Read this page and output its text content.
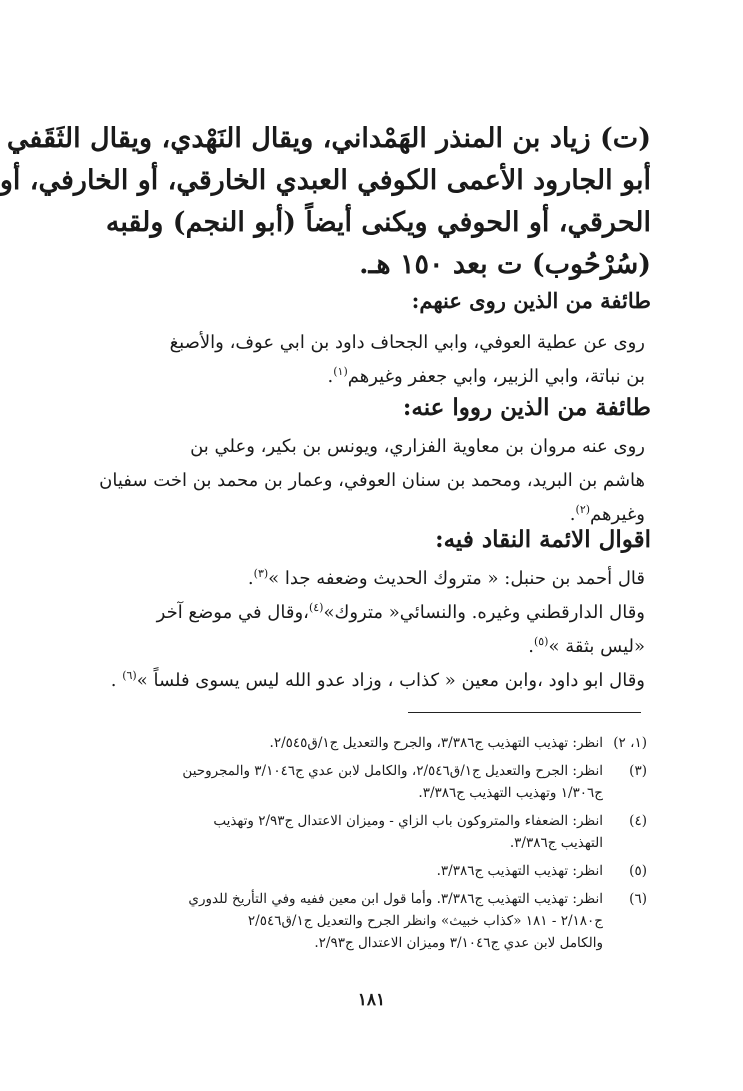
(ت) زياد بن المنذر الهَمْداني، ويقال النَهْدي، ويقال الثَقَفي

أبو الجارود الأعمى الكوفي العبدي الخارقي، أو الخارفي، أو

الحرقي، أو الحوفي ويكنى أيضاً (أبو النجم) ولقبه

(سُرْحُوب) ت بعد ١٥٠ هـ.

طائفة من الذين روى عنهم:

روى عن عطية العوفي، وابي الجحاف داود بن ابي عوف، والأصبغ

بن نباتة، وابي الزبير، وابي جعفر وغيرهم$^{(١)}$.

طائفة من الذين رووا عنه:

روى عنه مروان بن معاوية الفزاري، ويونس بن بكير، وعلي بن

هاشم بن البريد، ومحمد بن سنان العوفي، وعمار بن محمد بن اخت سفيان

وغيرهم$^{(٢)}$.

اقوال الائمة النقاد فيه:

قال أحمد بن حنبل: « متروك الحديث وضعفه جدا »$^{(٣)}$.

وقال الدارقطني وغيره. والنسائي« متروك»$^{(٤)}$،وقال في موضع آخر

«ليس بثقة »$^{(٥)}$.

وقال ابو داود ،وابن معين « كذاب ، وزاد عدو الله ليس يسوى فلساً »$^{(٦)}$ .

(١، ٢)

انظر: تهذيب التهذيب ج٣/٣٨٦، والجرح والتعديل ج١/ق٢/٥٤٥.

(٣)

انظر: الجرح والتعديل ج١/ق٢/٥٤٦، والكامل لابن عدي ج٣/١٠٤٦ والمجروحين

ج١/٣٠٦ وتهذيب التهذيب ج٣/٣٨٦.

(٤)

انظر: الضعفاء والمتروكون باب الزاي - وميزان الاعتدال ج٢/٩٣ وتهذيب

التهذيب ج٣/٣٨٦.

(٥)

انظر: تهذيب التهذيب ج٣/٣٨٦.

(٦)

انظر: تهذيب التهذيب ج٣/٣٨٦. وأما قول ابن معين ففيه وفي التأريخ للدوري

ج٢/١٨٠ - ١٨١ «كذاب خبيث» وانظر الجرح والتعديل ج١/ق٢/٥٤٦

والكامل لابن عدي ج٣/١٠٤٦ وميزان الاعتدال ج٢/٩٣.

١٨١
